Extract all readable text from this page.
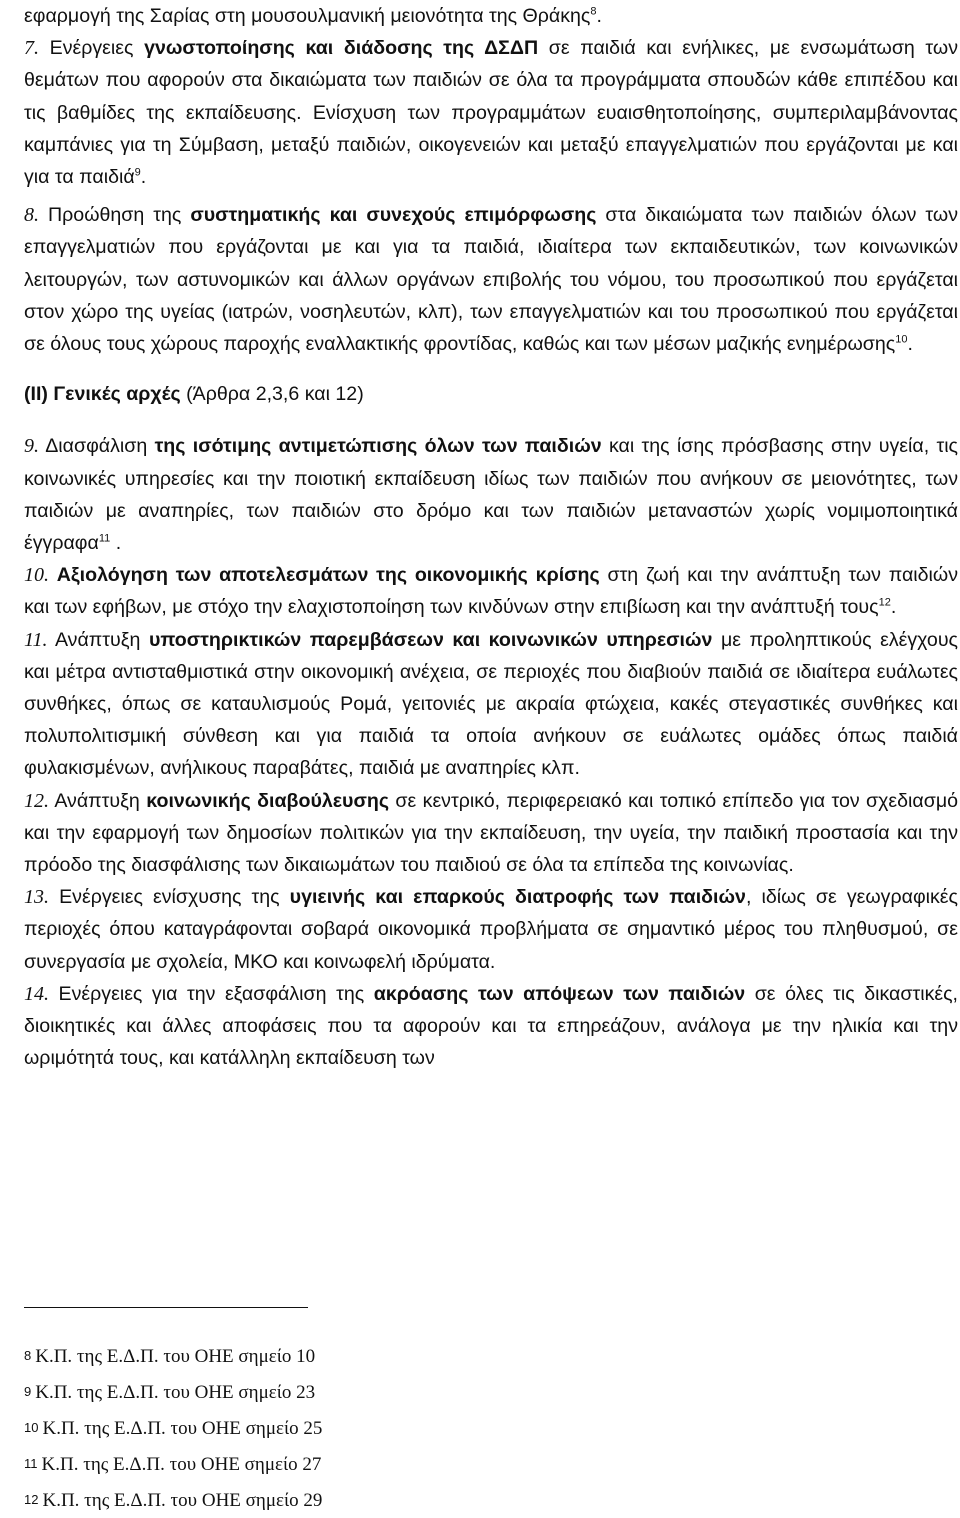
εφαρμογή της Σαρίας στη μουσουλμανική μειονότητα της Θράκης$^8$.
7. Ενέργειες γνωστοποίησης και διάδοσης της ΔΣΔΠ σε παιδιά και ενήλικες, με ενσωμάτωση των θεμάτων που αφορούν στα δικαιώματα των παιδιών σε όλα τα προγράμματα σπουδών κάθε επιπέδου και τις βαθμίδες της εκπαίδευσης. Ενίσχυση των προγραμμάτων ευαισθητοποίησης, συμπεριλαμβάνοντας καμπάνιες για τη Σύμβαση, μεταξύ παιδιών, οικογενειών και μεταξύ επαγγελματιών που εργάζονται με και για τα παιδιά$^9$.
8. Προώθηση της συστηματικής και συνεχούς επιμόρφωσης στα δικαιώματα των παιδιών όλων των επαγγελματιών που εργάζονται με και για τα παιδιά, ιδιαίτερα των εκπαιδευτικών, των κοινωνικών λειτουργών, των αστυνομικών και άλλων οργάνων επιβολής του νόμου, του προσωπικού που εργάζεται στον χώρο της υγείας (ιατρών, νοσηλευτών, κλπ), των επαγγελματιών και του προσωπικού που εργάζεται σε όλους τους χώρους παροχής εναλλακτικής φροντίδας, καθώς και των μέσων μαζικής ενημέρωσης$^{10}$.
(ΙΙ) Γενικές αρχές (Άρθρα 2,3,6 και 12)
9. Διασφάλιση της ισότιμης αντιμετώπισης όλων των παιδιών και της ίσης πρόσβασης στην υγεία, τις κοινωνικές υπηρεσίες και την ποιοτική εκπαίδευση ιδίως των παιδιών που ανήκουν σε μειονότητες, των παιδιών με αναπηρίες, των παιδιών στο δρόμο και των παιδιών μεταναστών χωρίς νομιμοποιητικά έγγραφα$^{11}$ .
10. Αξιολόγηση των αποτελεσμάτων της οικονομικής κρίσης στη ζωή και την ανάπτυξη των παιδιών και των εφήβων, με στόχο την ελαχιστοποίηση των κινδύνων στην επιβίωση και την ανάπτυξή τους$^{12}$.
11. Ανάπτυξη υποστηρικτικών παρεμβάσεων και κοινωνικών υπηρεσιών με προληπτικούς ελέγχους και μέτρα αντισταθμιστικά στην οικονομική ανέχεια, σε περιοχές που διαβιούν παιδιά σε ιδιαίτερα ευάλωτες συνθήκες, όπως σε καταυλισμούς Ρομά, γειτονιές με ακραία φτώχεια, κακές στεγαστικές συνθήκες και πολυπολιτισμική σύνθεση και για παιδιά τα οποία ανήκουν σε ευάλωτες ομάδες όπως παιδιά φυλακισμένων, ανήλικους παραβάτες, παιδιά με αναπηρίες κλπ.
12. Ανάπτυξη κοινωνικής διαβούλευσης σε κεντρικό, περιφερειακό και τοπικό επίπεδο για τον σχεδιασμό και την εφαρμογή των δημοσίων πολιτικών για την εκπαίδευση, την υγεία, την παιδική προστασία και την πρόοδο της διασφάλισης των δικαιωμάτων του παιδιού σε όλα τα επίπεδα της κοινωνίας.
13. Ενέργειες ενίσχυσης της υγιεινής και επαρκούς διατροφής των παιδιών, ιδίως σε γεωγραφικές περιοχές όπου καταγράφονται σοβαρά οικονομικά προβλήματα σε σημαντικό μέρος του πληθυσμού, σε συνεργασία με σχολεία, ΜΚΟ και κοινωφελή ιδρύματα.
14. Ενέργειες για την εξασφάλιση της ακρόασης των απόψεων των παιδιών σε όλες τις δικαστικές, διοικητικές και άλλες αποφάσεις που τα αφορούν και τα επηρεάζουν, ανάλογα με την ηλικία και την ωριμότητά τους, και κατάλληλη εκπαίδευση των
8 Κ.Π. της Ε.Δ.Π. του ΟΗΕ σημείο 10
9 Κ.Π. της Ε.Δ.Π. του ΟΗΕ σημείο 23
10 Κ.Π. της Ε.Δ.Π. του ΟΗΕ σημείο 25
11 Κ.Π. της Ε.Δ.Π. του ΟΗΕ σημείο 27
12 Κ.Π. της Ε.Δ.Π. του ΟΗΕ σημείο 29
